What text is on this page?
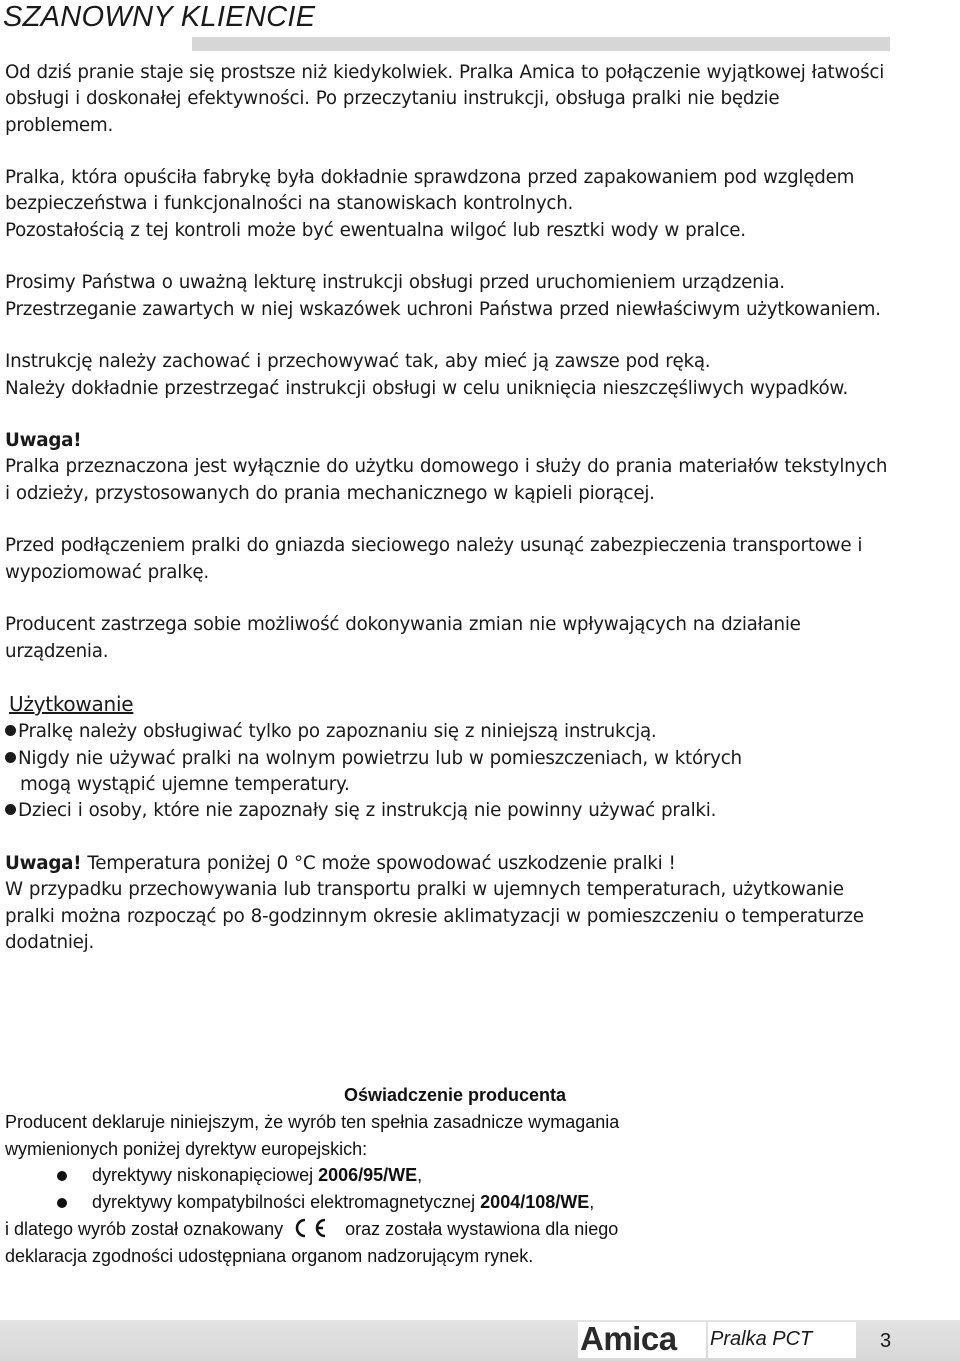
SZANOWNY KLIENCIE

Od dziś pranie staje się prostsze niż kiedykolwiek. Pralka Amica to połączenie wyjątkowej łatwości obsługi i doskonałej efektywności. Po przeczytaniu instrukcji, obsługa pralki nie będzie problemem.

Pralka, która opuściła fabrykę była dokładnie sprawdzona przed zapakowaniem pod względem bezpieczeństwa i funkcjonalności na stanowiskach kontrolnych.

Pozostałością z tej kontroli może być ewentualna wilgoć lub resztki wody w pralce.

Prosimy Państwa o uważną lekturę instrukcji obsługi przed uruchomieniem urządzenia.

Przestrzeganie zawartych w niej wskazówek uchroni Państwa przed niewłaściwym użytkowaniem.

Instrukcję należy zachować i przechowywać tak, aby mieć ją zawsze pod ręką.

Należy dokładnie przestrzegać instrukcji obsługi w celu uniknięcia nieszczęśliwych wypadków.

Uwaga!

Pralka przeznaczona jest wyłącznie do użytku domowego i służy do prania materiałów tekstylnych i odzieży, przystosowanych do prania mechanicznego w kąpieli piorącej.

Przed podłączeniem pralki do gniazda sieciowego należy usunąć zabezpieczenia transportowe i wypoziomować pralkę.

Producent zastrzega sobie możliwość dokonywania zmian nie wpływających na działanie urządzenia.

Użytkowanie

Pralkę należy obsługiwać tylko po zapoznaniu się z niniejszą instrukcją.

Nigdy nie używać pralki na wolnym powietrzu lub w pomieszczeniach, w których

mogą wystąpić ujemne temperatury.

Dzieci i osoby, które nie zapoznały się z instrukcją nie powinny używać pralki.

Uwaga! Temperatura poniżej 0 °C może spowodować uszkodzenie pralki !

W przypadku przechowywania lub transportu pralki w ujemnych temperaturach, użytkowanie pralki można rozpocząć po 8-godzinnym okresie aklimatyzacji w pomieszczeniu o temperaturze dodatniej.

Oświadczenie producenta

Producent deklaruje niniejszym, że wyrób ten spełnia zasadnicze wymagania

wymienionych poniżej dyrektyw europejskich:

dyrektywy niskonapięciowej 2006/95/WE,

dyrektywy kompatybilności elektromagnetycznej 2004/108/WE,

i dlatego wyrób został oznakowany	oraz została wystawiona dla niego

deklaracja zgodności udostępniana organom nadzorującym rynek.

Amica Pralka PCT	3
